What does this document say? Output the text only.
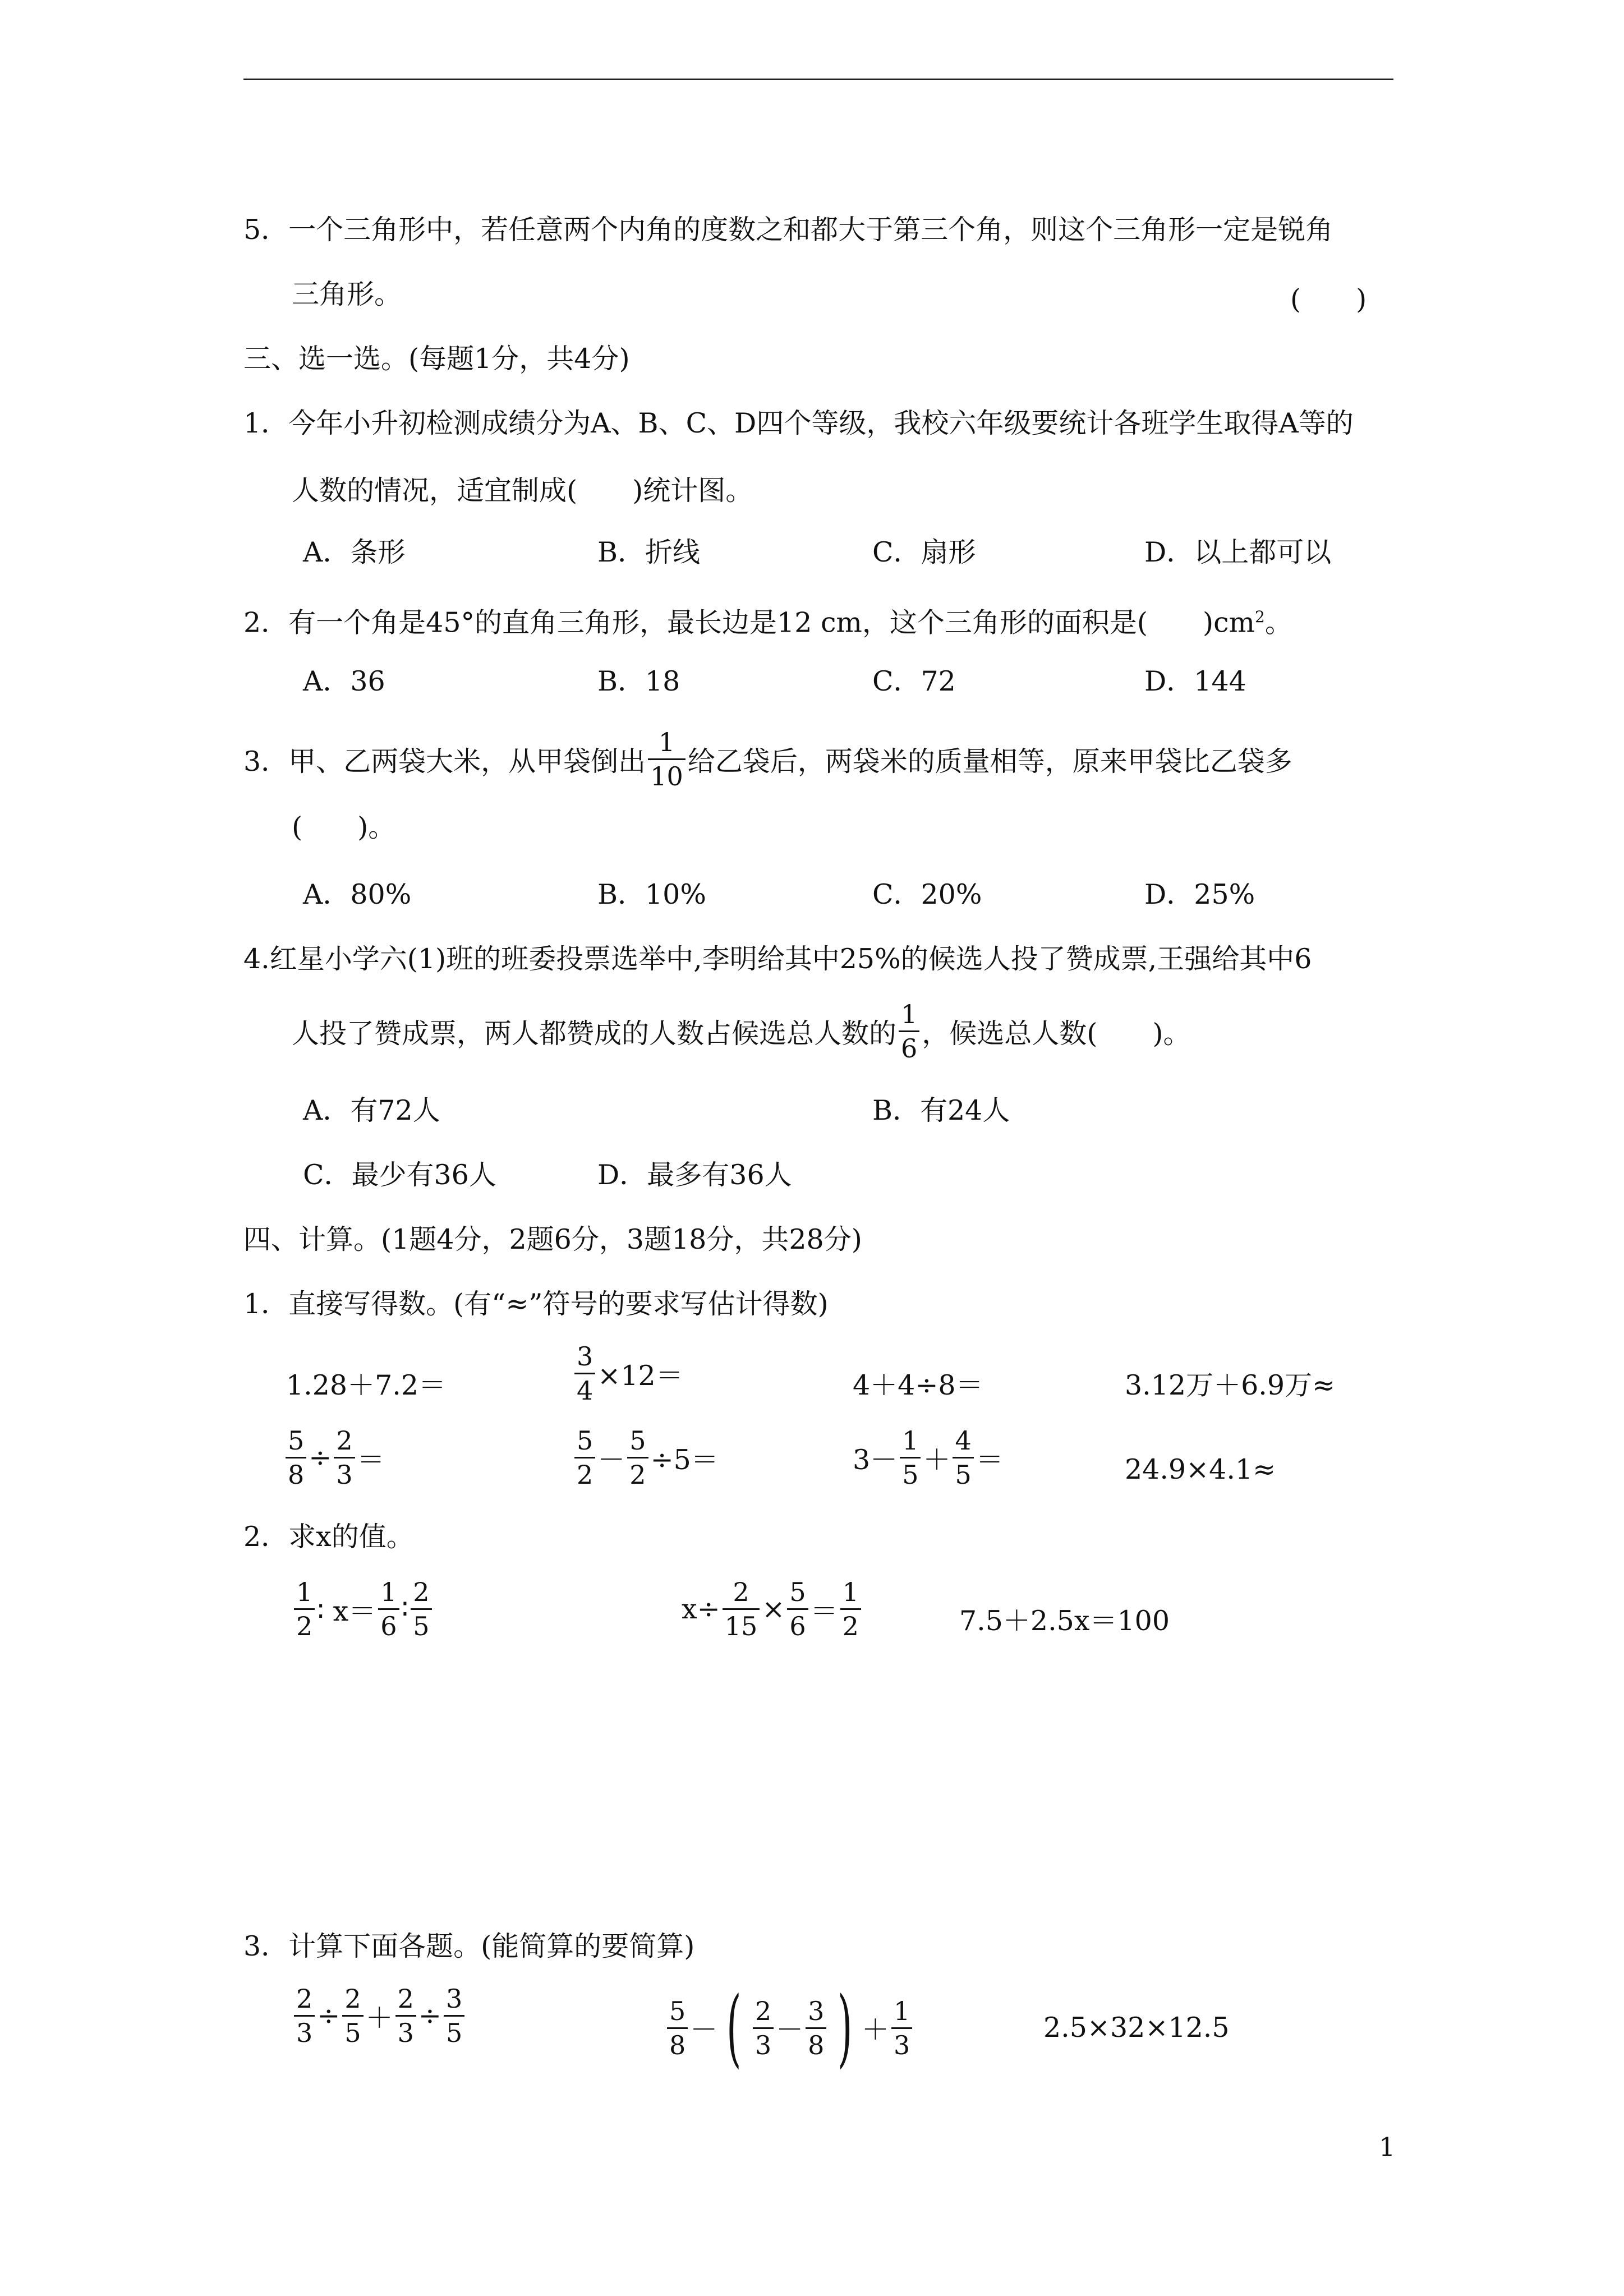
5．一个三角形中，若任意两个内角的度数之和都大于第三个角，则这个三角形一定是锐角
三角形。	(　　)
三、选一选。(每题1分，共4分)
1．今年小升初检测成绩分为A、B、C、D四个等级，我校六年级要统计各班学生取得A等的
人数的情况，适宜制成(　　)统计图。
A．条形	B．折线	C．扇形	D．以上都可以
2．有一个角是45°的直角三角形，最长边是12 cm，这个三角形的面积是(　　)$cm^2$。
A．36	B．18	C．72	D．144
3．甲、乙两袋大米，从甲袋倒出 $\frac{1}{10}$ 给乙袋后，两袋米的质量相等，原来甲袋比乙袋多
(　　)。
A．80%	B．10%	C．20%	D．25%
4.红星小学六(1)班的班委投票选举中,李明给其中25%的候选人投了赞成票,王强给其中6
人投了赞成票，两人都赞成的人数占候选总人数的 $\frac{1}{6}$ ，候选总人数(　　)。
A．有72人	B．有24人
C．最少有36人	D．最多有36人
四、计算。(1题4分，2题6分，3题18分，共28分)
1．直接写得数。(有“≈”符号的要求写估计得数)
1.28＋7.2＝	$\frac{3}{4} \times 12=$	4＋4÷8＝	3.12万＋6.9万≈
$\frac{5}{8} \div \frac{2}{3}$ ＝	$\frac{5}{2} - \frac{5}{2} \div 5=$	$3- \frac{1}{5} + \frac{4}{5}$ ＝	24.9×4.1≈
2．求x的值。
$\frac{1}{2}$ ∶ $x= \frac{1}{6}$ ∶ $\frac{2}{5}$	$x\div \frac{2}{15} \times \frac{5}{6} = \frac{1}{2}$	7.5＋2.5x＝100
3．计算下面各题。(能简算的要简算)
$\frac{2}{3} \div \frac{2}{5} + \frac{2}{3} \div \frac{3}{5}$	$\frac{5}{8}$ － ( $\frac{2}{3} - \frac{3}{8}$ ) ＋ $\frac{1}{3}$	2.5×32×12.5
1
